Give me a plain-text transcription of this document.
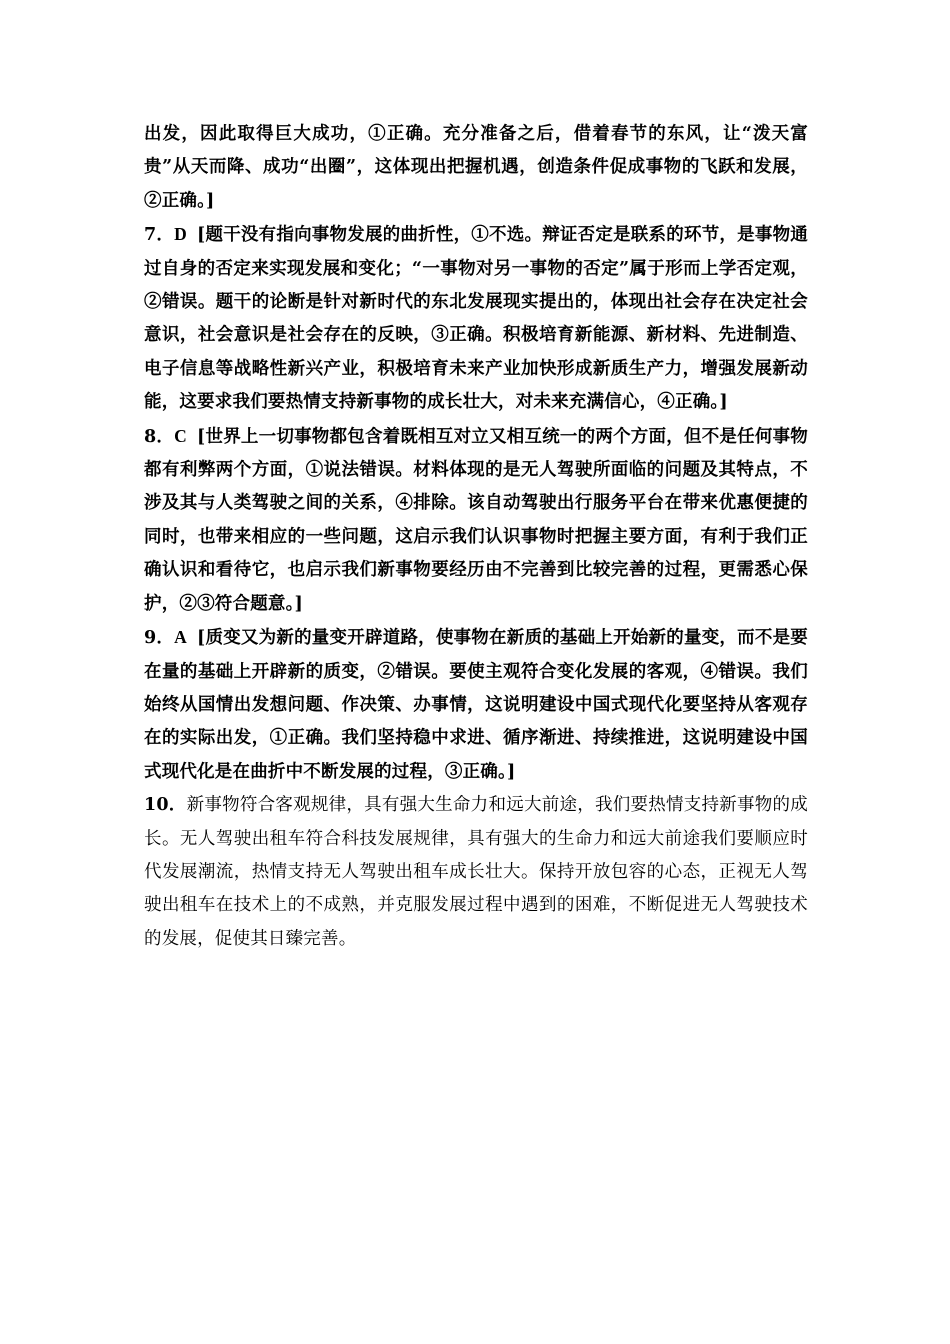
出发，因此取得巨大成功，①正确。充分准备之后，借着春节的东风，让“泼天富贵”从天而降、成功“出圈”，这体现出把握机遇，创造条件促成事物的飞跃和发展，②正确。]

7．D [题干没有指向事物发展的曲折性，①不选。辩证否定是联系的环节，是事物通过自身的否定来实现发展和变化；“一事物对另一事物的否定”属于形而上学否定观，②错误。题干的论断是针对新时代的东北发展现实提出的，体现出社会存在决定社会意识，社会意识是社会存在的反映，③正确。积极培育新能源、新材料、先进制造、电子信息等战略性新兴产业，积极培育未来产业加快形成新质生产力，增强发展新动能，这要求我们要热情支持新事物的成长壮大，对未来充满信心，④正确。]

8．C [世界上一切事物都包含着既相互对立又相互统一的两个方面，但不是任何事物都有利弊两个方面，①说法错误。材料体现的是无人驾驶所面临的问题及其特点，不涉及其与人类驾驶之间的关系，④排除。该自动驾驶出行服务平台在带来优惠便捷的同时，也带来相应的一些问题，这启示我们认识事物时把握主要方面，有利于我们正确认识和看待它，也启示我们新事物要经历由不完善到比较完善的过程，更需悉心保护，②③符合题意。]

9．A [质变又为新的量变开辟道路，使事物在新质的基础上开始新的量变，而不是要在量的基础上开辟新的质变，②错误。要使主观符合变化发展的客观，④错误。我们始终从国情出发想问题、作决策、办事情，这说明建设中国式现代化要坚持从客观存在的实际出发，①正确。我们坚持稳中求进、循序渐进、持续推进，这说明建设中国式现代化是在曲折中不断发展的过程，③正确。]

10．新事物符合客观规律，具有强大生命力和远大前途，我们要热情支持新事物的成长。无人驾驶出租车符合科技发展规律，具有强大的生命力和远大前途我们要顺应时代发展潮流，热情支持无人驾驶出租车成长壮大。保持开放包容的心态，正视无人驾驶出租车在技术上的不成熟，并克服发展过程中遇到的困难，不断促进无人驾驶技术的发展，促使其日臻完善。
